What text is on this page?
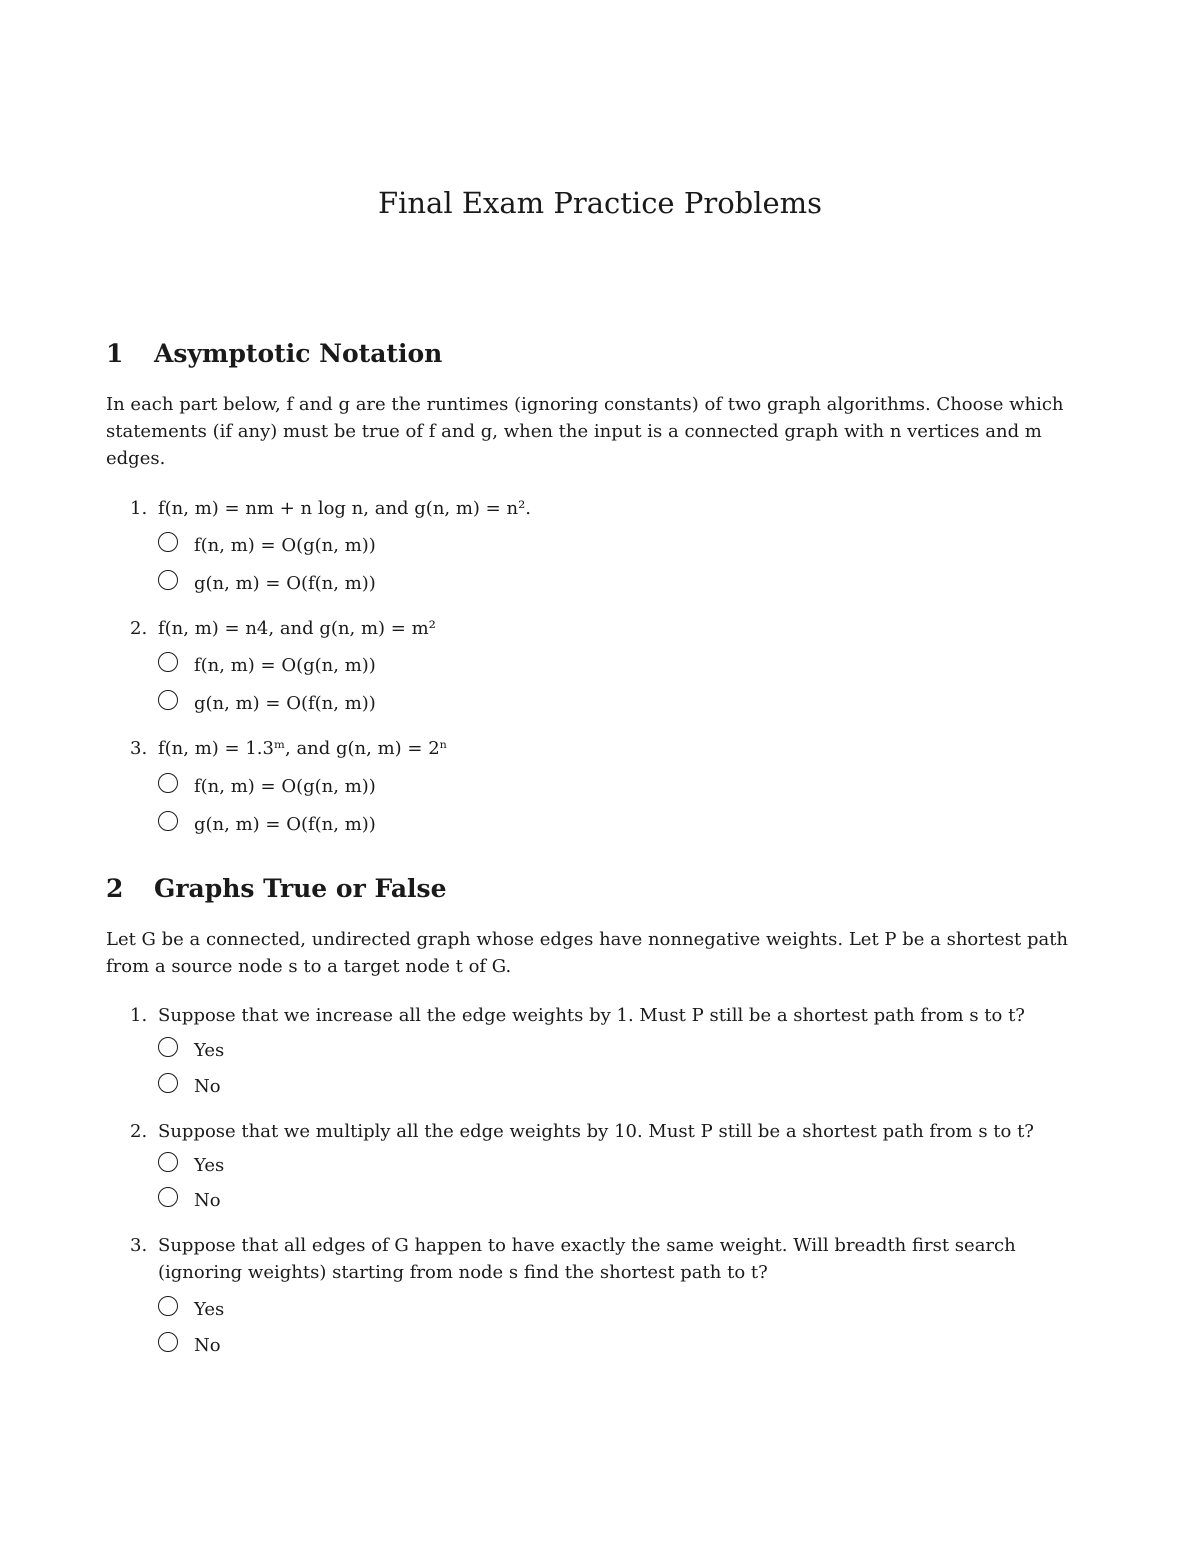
Final Exam Practice Problems
1 Asymptotic Notation
In each part below, f and g are the runtimes (ignoring constants) of two graph algorithms. Choose which
statements (if any) must be true of f and g, when the input is a connected graph with n vertices and m
edges.
1. f(n, m) = nm + n log n, and g(n, m) = n².
f(n, m) = O(g(n, m))
g(n, m) = O(f(n, m))
2. f(n, m) = n4, and g(n, m) = m²
f(n, m) = O(g(n, m))
g(n, m) = O(f(n, m))
3. f(n, m) = 1.3ᵐ, and g(n, m) = 2ⁿ
f(n, m) = O(g(n, m))
g(n, m) = O(f(n, m))
2 Graphs True or False
Let G be a connected, undirected graph whose edges have nonnegative weights. Let P be a shortest path
from a source node s to a target node t of G.
1. Suppose that we increase all the edge weights by 1. Must P still be a shortest path from s to t?
Yes
No
2. Suppose that we multiply all the edge weights by 10. Must P still be a shortest path from s to t?
Yes
No
3. Suppose that all edges of G happen to have exactly the same weight. Will breadth first search
(ignoring weights) starting from node s find the shortest path to t?
Yes
No
